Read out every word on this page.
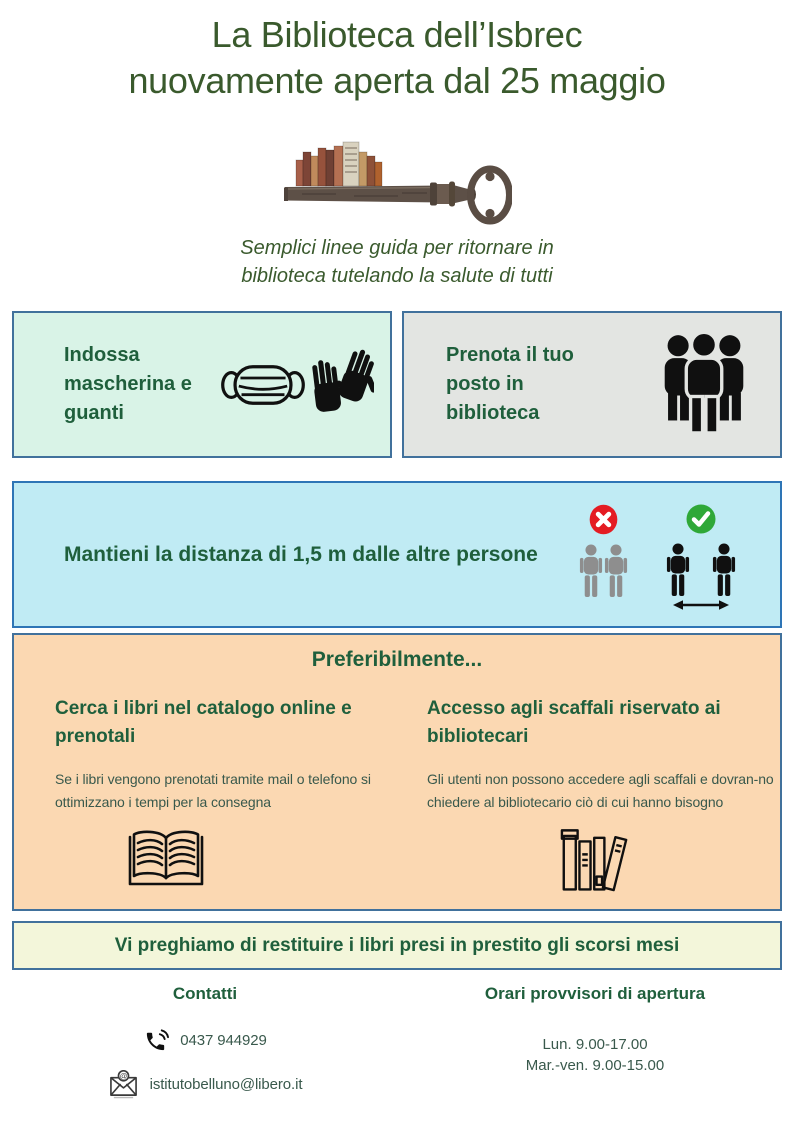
La Biblioteca dell’Isbrec
nuovamente aperta dal 25 maggio
Semplici linee guida per ritornare in
biblioteca tutelando la salute di tutti
Indossa mascherina e guanti
Prenota il tuo posto in biblioteca
Mantieni la distanza di 1,5 m dalle altre persone
Preferibilmente...
Cerca i libri nel catalogo online e prenotali
Se i libri vengono prenotati tramite mail o telefono si ottimizzano i tempi per la consegna
Accesso agli scaffali riservato ai bibliotecari
Gli utenti non possono accedere agli scaffali e dovran-no chiedere al bibliotecario ciò di cui hanno bisogno
Vi preghiamo di restituire i libri presi in prestito gli scorsi mesi
Contatti
0437 944929
@
istitutobelluno@libero.it
Orari provvisori di apertura
Lun. 9.00-17.00
Mar.-ven. 9.00-15.00
